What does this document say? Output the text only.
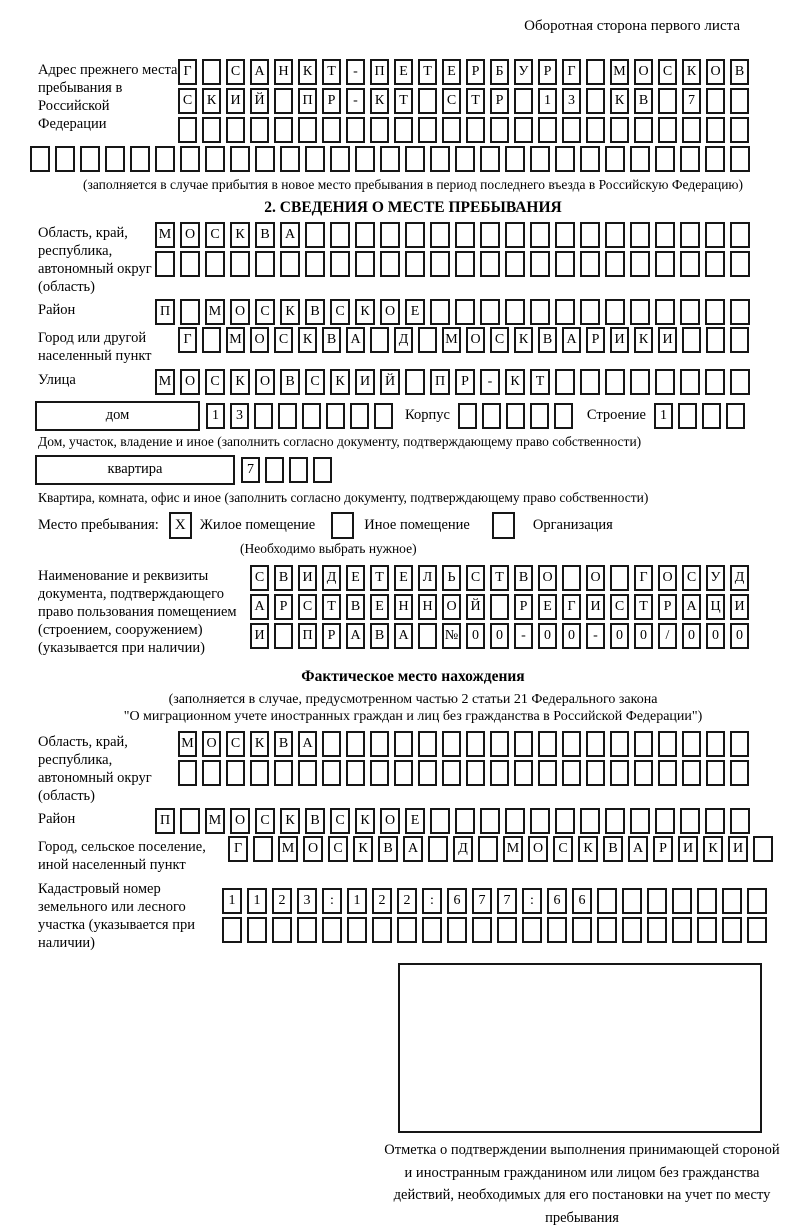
Оборотная сторона первого листа
Адрес прежнего места пребывания в Российской Федерации
Г	С	А Н	К	Т	-	П	Е	Т	Е	Р	Б	У	Р	Г	М О	С	К	О	В
С	К	И Й	П	Р	-	К	Т	С	Т	Р	1	3	К	В	7
(заполняется в случае прибытия в новое место пребывания в период последнего въезда в Российскую Федерацию)
2. СВЕДЕНИЯ О МЕСТЕ ПРЕБЫВАНИЯ
Область, край, республика, автономный округ (область)
М О	С	К	В	А
Район	П	М О	С	К	В	С	К	О	Е
Город или другой населенный пункт
Г	М О	С	К	В	А	Д	М О	С	К	В	А	Р	И	К	И
Улица	М О	С	К	О	В	С	К	И	Й	П	Р	-	К	Т
дом	1	3	Корпус	Строение	1
Дом, участок, владение и иное (заполнить согласно документу, подтверждающему право собственности)
квартира	7
Квартира, комната, офис и иное (заполнить согласно документу, подтверждающему право собственности)
Место пребывания:	X Жилое помещение	Иное помещение	Организация
(Необходимо выбрать нужное)
Наименование и реквизиты документа, подтверждающего право пользования помещением (строением, сооружением) (указывается при наличии)
С	В	И	Д	Е	Т	Е	Л	Ь	С	Т	В	О	О	Г	О	С	У	Д
А	Р	С	Т	В	Е	Н Н О Й	Р	Е	Г	И	С	Т	Р	А Ц И
И	П	Р	А	В	А	№ 0	0	-	0	0	-	0	0	/	0	0	0
Фактическое место нахождения
(заполняется в случае, предусмотренном частью 2 статьи 21 Федерального закона
"О миграционном учете иностранных граждан и лиц без гражданства в Российской Федерации")
Область, край, республика, автономный округ (область)
М О	С	К	В	А
Район	П	М О	С	К	В	С	К	О	Е
Город, сельское поселение, иной населенный пункт
Г	М О	С	К	В	А	Д	М О	С	К	В	А	Р	И	К	И
Кадастровый номер земельного или лесного участка (указывается при наличии)
1	1	2	3	:	1	2	2	:	6	7	7	:	6	6
Отметка о подтверждении выполнения принимающей стороной и иностранным гражданином или лицом без гражданства действий, необходимых для его постановки на учет по месту пребывания
